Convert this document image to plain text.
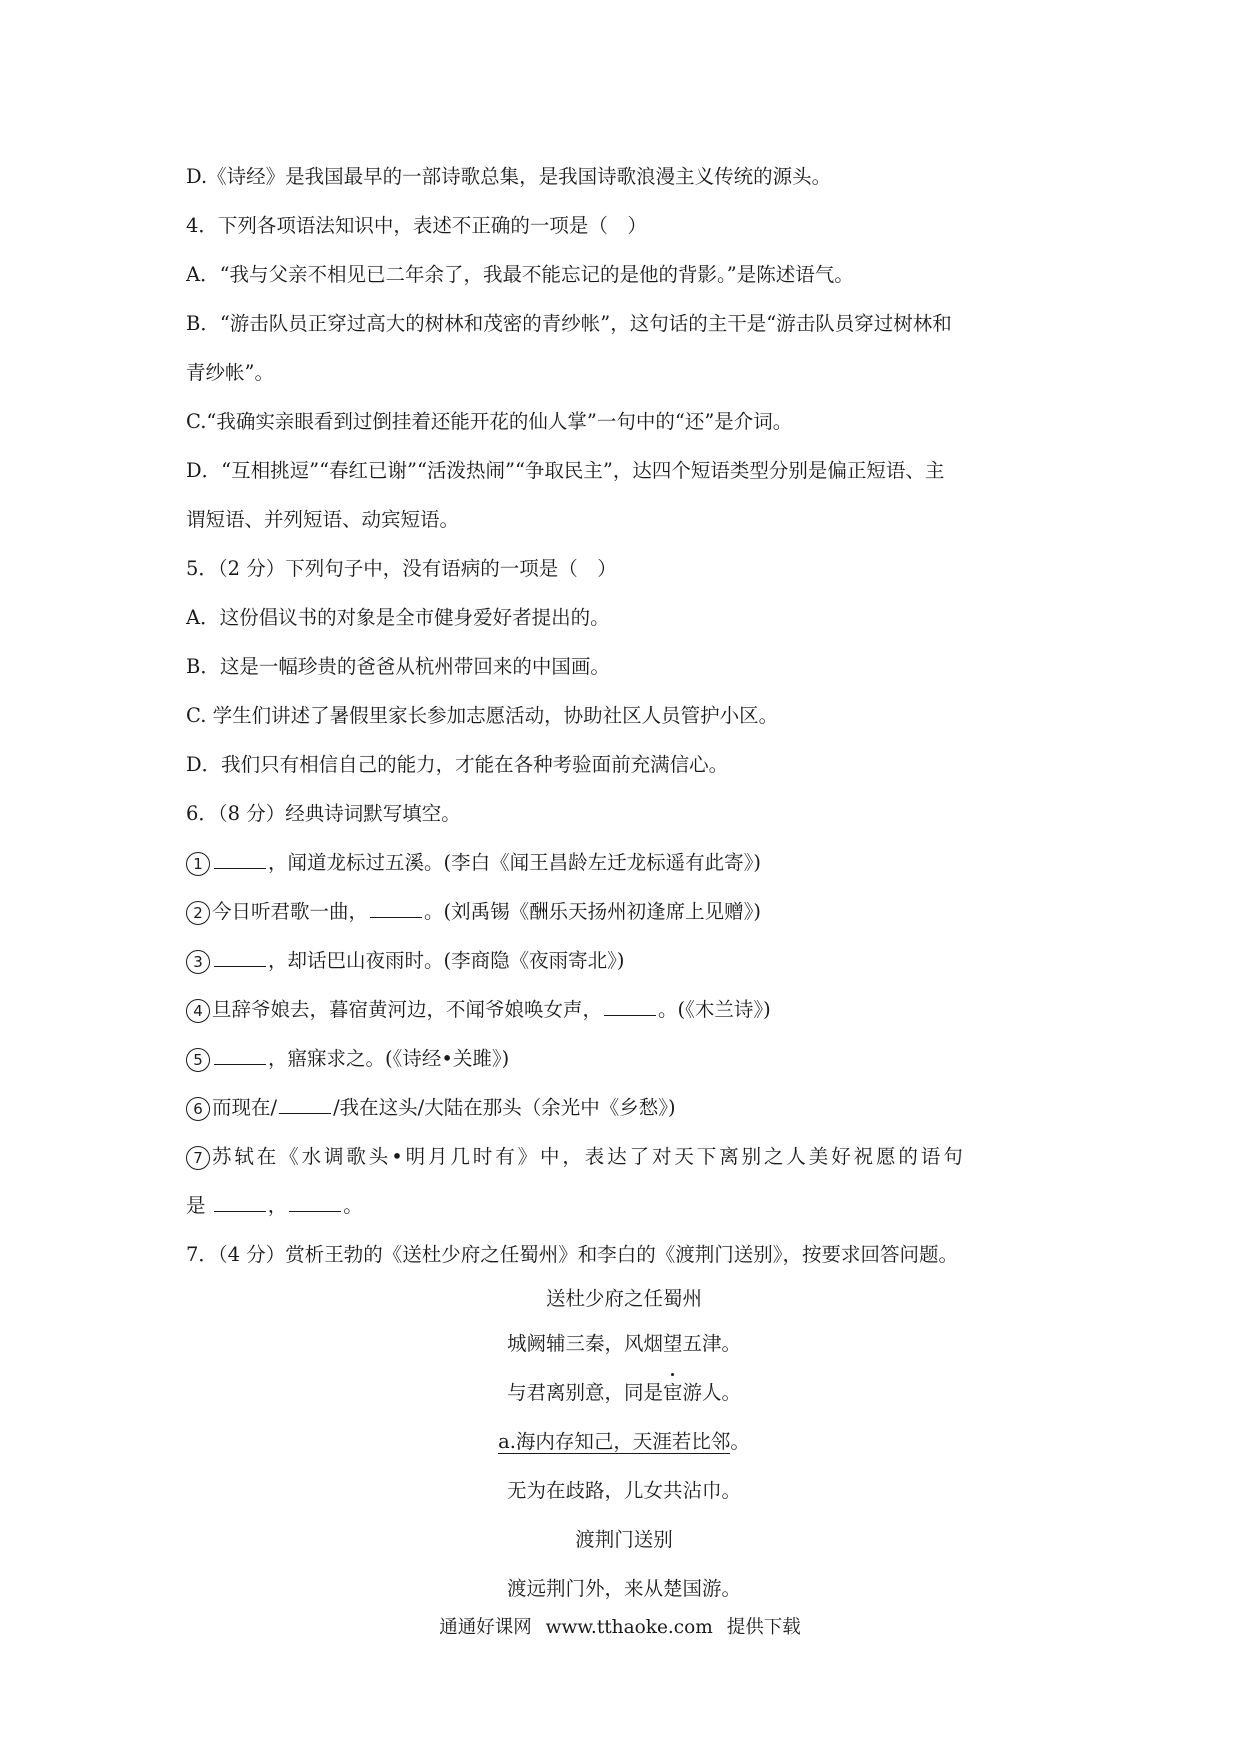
D.《诗经》是我国最早的一部诗歌总集，是我国诗歌浪漫主义传统的源头。

4．下列各项语法知识中，表述不正确的一项是（　）

A．“我与父亲不相见已二年余了，我最不能忘记的是他的背影。”是陈述语气。

B．“游击队员正穿过高大的树林和茂密的青纱帐”，这句话的主干是“游击队员穿过树林和

青纱帐”。

C.“我确实亲眼看到过倒挂着还能开花的仙人掌”一句中的“还”是介词。

D．“互相挑逗”“春红已谢”“活泼热闹”“争取民主”，达四个短语类型分别是偏正短语、主

谓短语、并列短语、动宾短语。

5．（2 分）下列句子中，没有语病的一项是（　）

A．这份倡议书的对象是全市健身爱好者提出的。

B．这是一幅珍贵的爸爸从杭州带回来的中国画。

C. 学生们讲述了暑假里家长参加志愿活动，协助社区人员管护小区。

D．我们只有相信自己的能力，才能在各种考验面前充满信心。

6．（8 分）经典诗词默写填空。

1	，闻道龙标过五溪。(李白《闻王昌龄左迁龙标遥有此寄》)

2 今日听君歌一曲，	。(刘禹锡《酬乐天扬州初逢席上见赠》)

3	，却话巴山夜雨时。(李商隐《夜雨寄北》)

4 旦辞爷娘去，暮宿黄河边，不闻爷娘唤女声，	。(《木兰诗》)

5	，寤寐求之。(《诗经•关雎》)

6 而现在/	/我在这头/大陆在那头（余光中《乡愁》)

7 苏轼在《水调歌头•明月几时有》中，表达了对天下离别之人美好祝愿的语句

是	，	。

7．（4 分）赏析王勃的《送杜少府之任蜀州》和李白的《渡荆门送别》，按要求回答问题。

送杜少府之任蜀州

城阙辅三秦，风烟望五津。

与君离别意，同是宦游人。

a.海内存知己，天涯若比邻。

无为在歧路，儿女共沾巾。

渡荆门送别

渡远荆门外，来从楚国游。

通通好课网 www.tthaoke.com 提供下载
